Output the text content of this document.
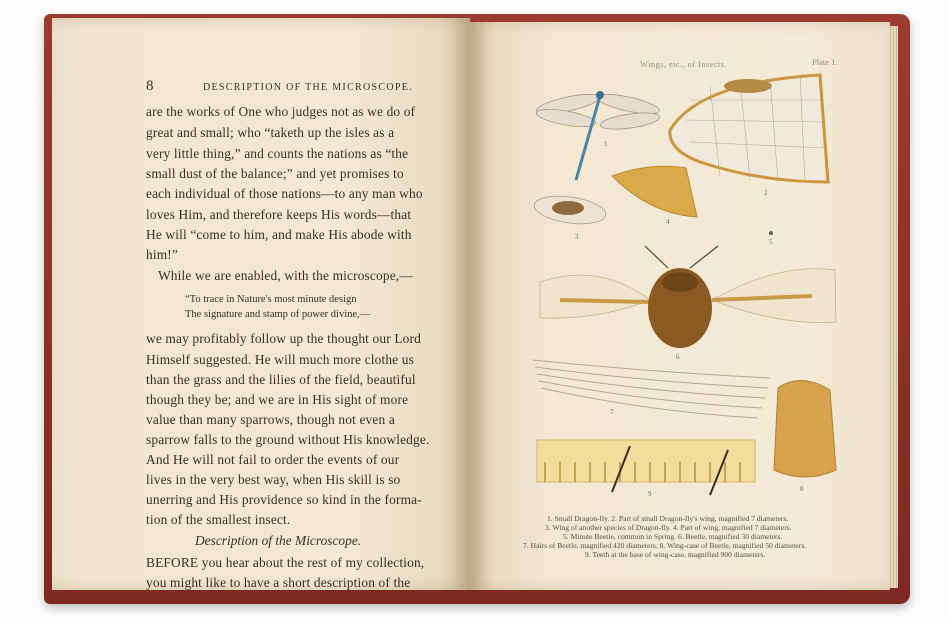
8	DESCRIPTION OF THE MICROSCOPE.
are the works of One who judges not as we do of
great and small; who “taketh up the isles as a
very little thing,” and counts the nations as “the
small dust of the balance;” and yet promises to
each individual of those nations—to any man who
loves Him, and therefore keeps His words—that
He will “come to him, and make His abode with
him!”
While we are enabled, with the microscope,—
“To trace in Nature's most minute design
The signature and stamp of power divine,—
we may profitably follow up the thought our Lord
Himself suggested. He will much more clothe us
than the grass and the lilies of the field, beautiful
though they be; and we are in His sight of more
value than many sparrows, though not even a
sparrow falls to the ground without His knowledge.
And He will not fail to order the events of our
lives in the very best way, when His skill is so
unerring and His providence so kind in the forma-
tion of the smallest insect.
Description of the Microscope.
BEFORE you hear about the rest of my collection,
you might like to have a short description of the
Wings, etc., of Insects.	Plate 1.
1
2
3
4
5
6
7
8
9
1. Small Dragon-fly. 2. Part of small Dragon-fly's wing, magnified 7 diameters.
3. Wing of another species of Dragon-fly. 4. Part of wing, magnified 7 diameters.
5. Minute Beetle, common in Spring. 6. Beetle, magnified 30 diameters.
7. Hairs of Beetle, magnified 420 diameters. 8. Wing-case of Beetle, magnified 50 diameters.
9. Teeth at the base of wing-case, magnified 900 diameters.
